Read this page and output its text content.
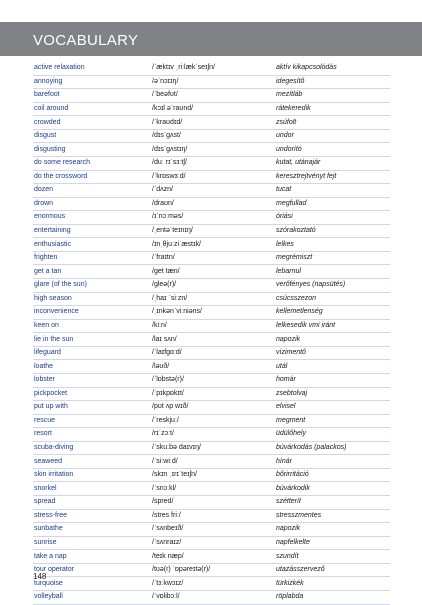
VOCABULARY
active relaxation	/ˈæktɪv ˌriːlækˈseɪʃn/	aktív kikapcsolódás
annoying	/əˈnɔɪɪŋ/	idegesítő
barefoot	/ˈbeəfʊt/	mezítláb
coil around	/kɔɪl əˈraʊnd/	rátekeredik
crowded	/ˈkraʊdɪd/	zsúfolt
disgust	/dɪsˈɡʌst/	undor
disgusting	/dɪsˈɡʌstɪŋ/	undorító
do some research	/duː rɪˈsɜːtʃ/	kutat, utánajár
do the crossword	/ˈkrɒswɜːd/	keresztrejtvényt fejt
dozen	/ˈdʌzn/	tucat
drown	/draʊn/	megfullad
enormous	/ɪˈnɔːməs/	óriási
entertaining	/ˌentəˈteɪnɪŋ/	szórakoztató
enthusiastic	/ɪnˌθjuːziˈæstɪk/	lelkes
frighten	/ˈfraɪtn/	megrémiszt
get a tan	/ɡet tæn/	lebarnul
glare (of the sun)	/ɡleə(r)/	verőfényes (napsütés)
high season	/ˌhaɪ ˈsiːzn/	csúcsszezon
inconvenience	/ˌɪnkənˈviːniəns/	kellemetlenség
keen on	/kiːn/	lelkesedik vmi iránt
lie in the sun	/laɪ sʌn/	napozik
lifeguard	/ˈlaɪfɡɑːd/	vízimentő
loathe	/ləʊð/	utál
lobster	/ˈlɒbstə(r)/	homár
pickpocket	/ˈpɪkpɒkɪt/	zsebtolvaj
put up with	/pʊt ʌp wɪð/	elvisel
rescue	/ˈreskjuː/	megment
resort	/rɪˈzɔːt/	üdülőhely
scuba-diving	/ˈskuːbə daɪvɪŋ/	búvárkodás (palackos)
seaweed	/ˈsiːwiːd/	hínár
skin irritation	/skɪn ˌɪrɪˈteɪʃn/	bőrirritáció
snorkel	/ˈsnɔːkl/	búvárkodik
spread	/spred/	szétterít
stress-free	/stres friː/	stresszmentes
sunbathe	/ˈsʌnbeɪð/	napozik
sunrise	/ˈsʌnraɪz/	napfelkelte
take a nap	/teɪk næp/	szundít
tour operator	/tʊə(r) ˈɒpəreɪtə(r)/	utazásszervező
turquoise	/ˈtɜːkwɔɪz/	türkizkék
volleyball	/ˈvɒlibɔːl/	röplabda
148
